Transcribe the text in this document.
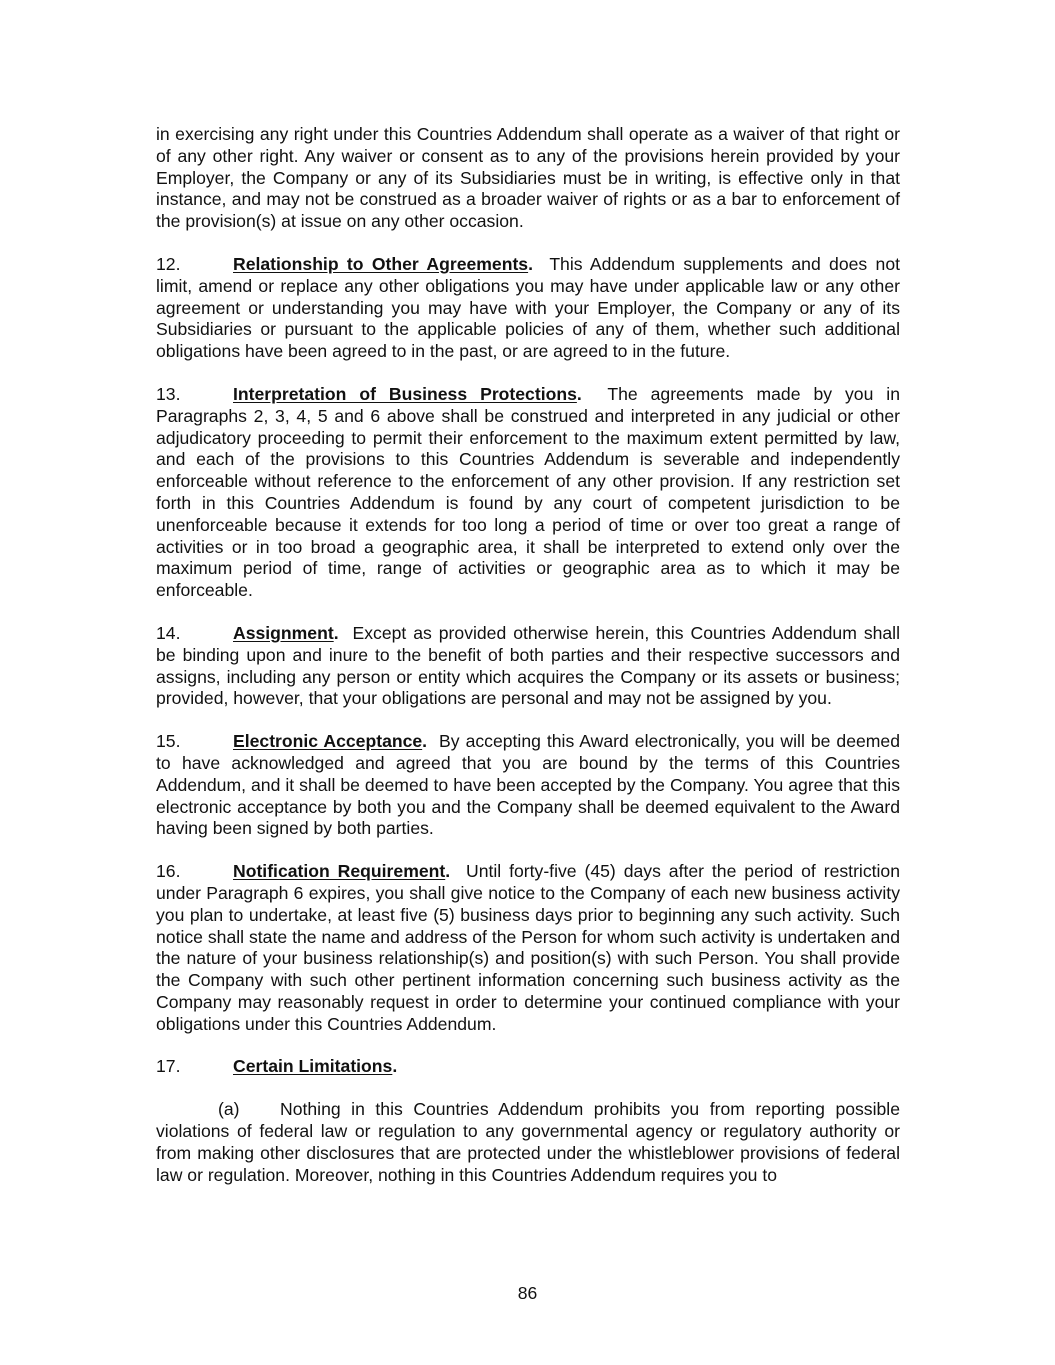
in exercising any right under this Countries Addendum shall operate as a waiver of that right or of any other right. Any waiver or consent as to any of the provisions herein provided by your Employer, the Company or any of its Subsidiaries must be in writing, is effective only in that instance, and may not be construed as a broader waiver of rights or as a bar to enforcement of the provision(s) at issue on any other occasion.

12.	Relationship to Other Agreements. This Addendum supplements and does not limit, amend or replace any other obligations you may have under applicable law or any other agreement or understanding you may have with your Employer, the Company or any of its Subsidiaries or pursuant to the applicable policies of any of them, whether such additional obligations have been agreed to in the past, or are agreed to in the future.

13.	Interpretation of Business Protections. The agreements made by you in Paragraphs 2, 3, 4, 5 and 6 above shall be construed and interpreted in any judicial or other adjudicatory proceeding to permit their enforcement to the maximum extent permitted by law, and each of the provisions to this Countries Addendum is severable and independently enforceable without reference to the enforcement of any other provision. If any restriction set forth in this Countries Addendum is found by any court of competent jurisdiction to be unenforceable because it extends for too long a period of time or over too great a range of activities or in too broad a geographic area, it shall be interpreted to extend only over the maximum period of time, range of activities or geographic area as to which it may be enforceable.

14.	Assignment. Except as provided otherwise herein, this Countries Addendum shall be binding upon and inure to the benefit of both parties and their respective successors and assigns, including any person or entity which acquires the Company or its assets or business; provided, however, that your obligations are personal and may not be assigned by you.

15.	Electronic Acceptance. By accepting this Award electronically, you will be deemed to have acknowledged and agreed that you are bound by the terms of this Countries Addendum, and it shall be deemed to have been accepted by the Company. You agree that this electronic acceptance by both you and the Company shall be deemed equivalent to the Award having been signed by both parties.

16.	Notification Requirement. Until forty-five (45) days after the period of restriction under Paragraph 6 expires, you shall give notice to the Company of each new business activity you plan to undertake, at least five (5) business days prior to beginning any such activity. Such notice shall state the name and address of the Person for whom such activity is undertaken and the nature of your business relationship(s) and position(s) with such Person. You shall provide the Company with such other pertinent information concerning such business activity as the Company may reasonably request in order to determine your continued compliance with your obligations under this Countries Addendum.

17.	Certain Limitations.

(a) Nothing in this Countries Addendum prohibits you from reporting possible violations of federal law or regulation to any governmental agency or regulatory authority or from making other disclosures that are protected under the whistleblower provisions of federal law or regulation. Moreover, nothing in this Countries Addendum requires you to

86
